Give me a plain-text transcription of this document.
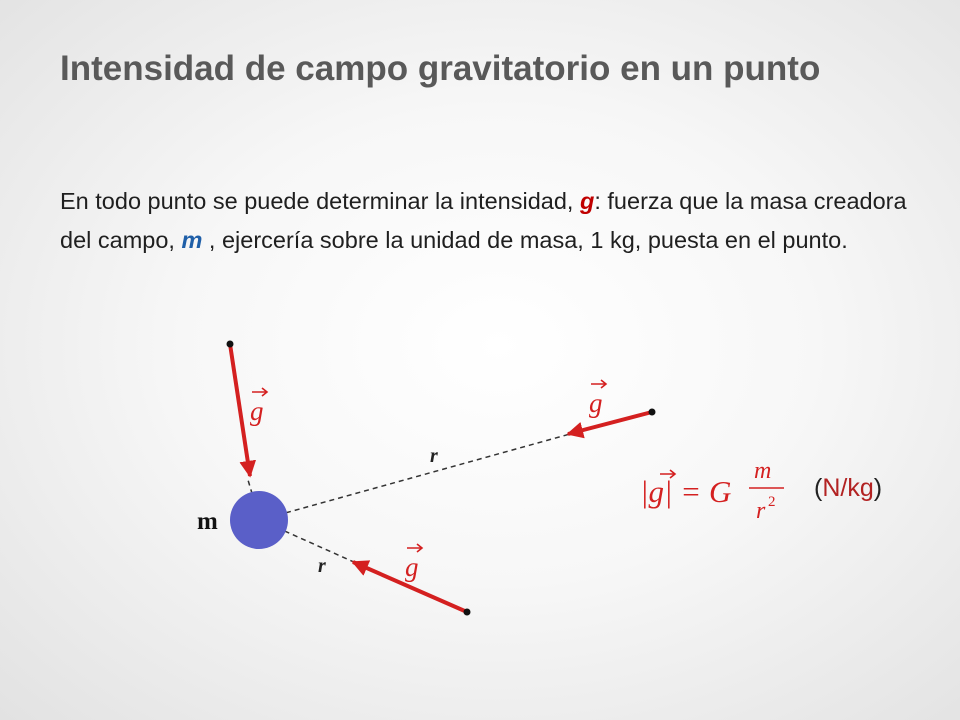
Intensidad de campo gravitatorio en un punto

En todo punto se puede determinar la intensidad, g: fuerza que la masa creadora del campo, m , ejercería sobre la unidad de masa, 1 kg, puesta en el punto.

m
g	g
g
r
r
|g| = G
m
r 2 (N/kg)
